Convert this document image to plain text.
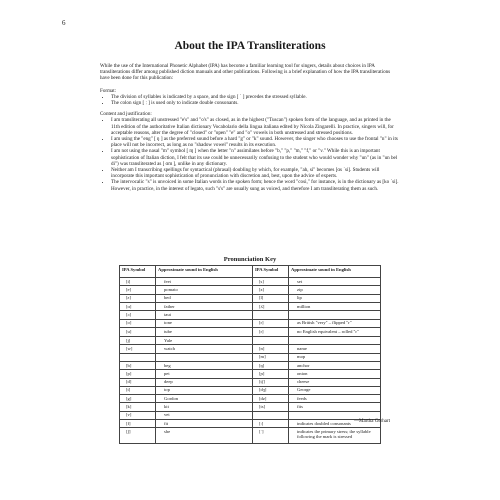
6
About the IPA Transliterations

While the use of the International Phonetic Alphabet (IPA) has become a familiar learning tool for singers, details about choices in IPA transliterations differ among published diction manuals and other publications. Following is a brief explanation of how the IPA transliterations have been done for this publication:

Format:

• The division of syllables is indicated by a space, and the sign [ ˈ ] precedes the stressed syllable.
• The colon sign [ ː ] is used only to indicate double consonants.

Content and justification:

• I am transliterating all unstressed "e's" and "o's" as closed, as in the highest ("Tuscan") spoken form of the language, and as printed in the 11th edition of the authoritative Italian dictionary Vocabolario della lingua italiana edited by Nicola Zingarelli. In practice, singers will, for acceptable reasons, alter the degree of "closed" or "open" "e" and "o" vowels in both unstressed and stressed positions.
• I am using the "eng" [ ŋ ] as the preferred sound before a hard "g" or "k" sound. However, the singer who chooses to use the frontal "n" in its place will not be incorrect, as long as no "shadow vowel" results in its execution.
• I am not using the nasal "m" symbol [ ɱ ] when the letter "n" assimilates before "b," "p," "m," "f," or "v." While this is an important sophistication of Italian diction, I felt that its use could be unnecessarily confusing to the student who would wonder why "un" (as in "un bel di") was transliterated as [ ɑm ], unlike in any dictionary.
• Neither am I transcribing spellings for syntactical (phrasal) doubling by which, for example, "ah, sì" becomes [ɑs ˈsi]. Students will incorporate this important sophistication of pronunciation with discretion and, best, upon the advice of experts.
• The intervocalic "s" is unvoiced in some Italian words in the spoken form; hence the word "così," for instance, is in the dictionary as [ko ˈsi]. However, in practice, in the interest of legato, such "s's" are usually sung as voiced, and therefore I am transliterating them as such.
Pronunciation Key
IPA Symbol	Approximate sound in English	IPA Symbol	Approximate sound in English
[i]	feet	[s]	set
[e]	pomato	[z]	zip
[ɛ]	bed	[l]	lip
[ɑ]	father	[ʎ]	million
[ɔ]	taut		
[o]	tone	[r]	as British "very" – flipped "r"
[u]	tube	[r]	no English equivalent – rolled "r"
[j]	Yale		
[w]	watch	[n]	name
		[m]	mop
[b]	beg	[ŋ]	anchor
[p]	pet	[ɲ]	onion
[d]	deep	[tʃ]	cheese
[t]	top	[dʒ]	George
[g]	Gordon	[dz]	feeds
[k]	kit	[ts]	fits
[v]	vet		
[f]	fit	[ː]	indicates doubled consonants
[ʃ]	she	[ˈ]	indicates the primary stress; the syllable following the mark is stressed
—Martha Gerhart
